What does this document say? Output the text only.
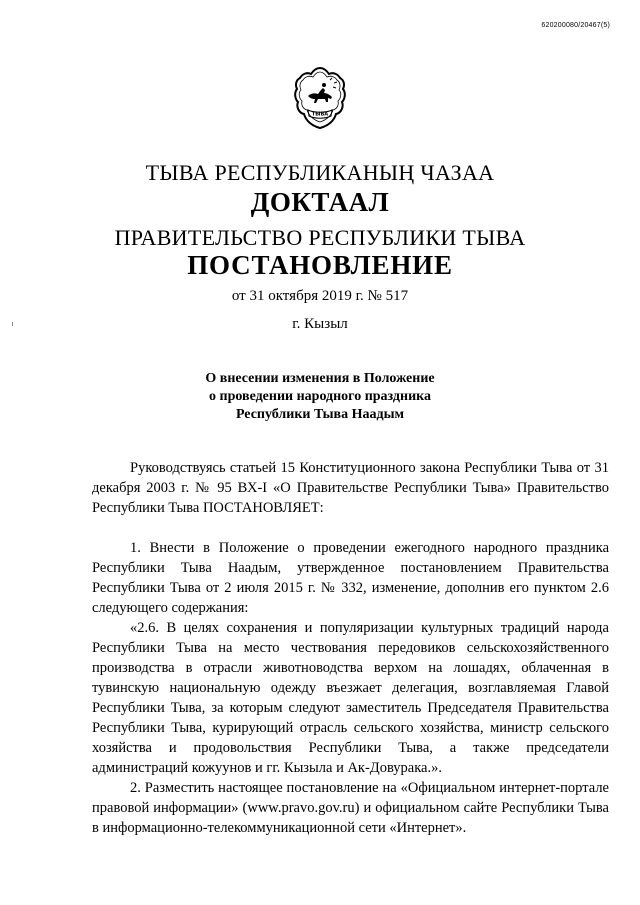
620200080/20467(5)
ТЫВА
ТЫВА РЕСПУБЛИКАНЫҢ ЧАЗАА
ДОКТААЛ
ПРАВИТЕЛЬСТВО РЕСПУБЛИКИ ТЫВА
ПОСТАНОВЛЕНИЕ
от 31 октября 2019 г. № 517
г. Кызыл
О внесении изменения в Положение
о проведении народного праздника
Республики Тыва Наадым

Руководствуясь статьей 15 Конституционного закона Республики Тыва от 31 декабря 2003 г. № 95 ВХ-I «О Правительстве Республики Тыва» Правительство Республики Тыва ПОСТАНОВЛЯЕТ:

1. Внести в Положение о проведении ежегодного народного праздника Республики Тыва Наадым, утвержденное постановлением Правительства Республики Тыва от 2 июля 2015 г. № 332, изменение, дополнив его пунктом 2.6 следующего содержания:

«2.6. В целях сохранения и популяризации культурных традиций народа Республики Тыва на место чествования передовиков сельскохозяйственного производства в отрасли животноводства верхом на лошадях, облаченная в тувинскую национальную одежду въезжает делегация, возглавляемая Главой Республики Тыва, за которым следуют заместитель Председателя Правительства Республики Тыва, курирующий отрасль сельского хозяйства, министр сельского хозяйства и продовольствия Республики Тыва, а также председатели администраций кожуунов и гг. Кызыла и Ак-Довурака.».

2. Разместить настоящее постановление на «Официальном интернет-портале правовой информации» (www.pravo.gov.ru) и официальном сайте Республики Тыва в информационно-телекоммуникационной сети «Интернет».
